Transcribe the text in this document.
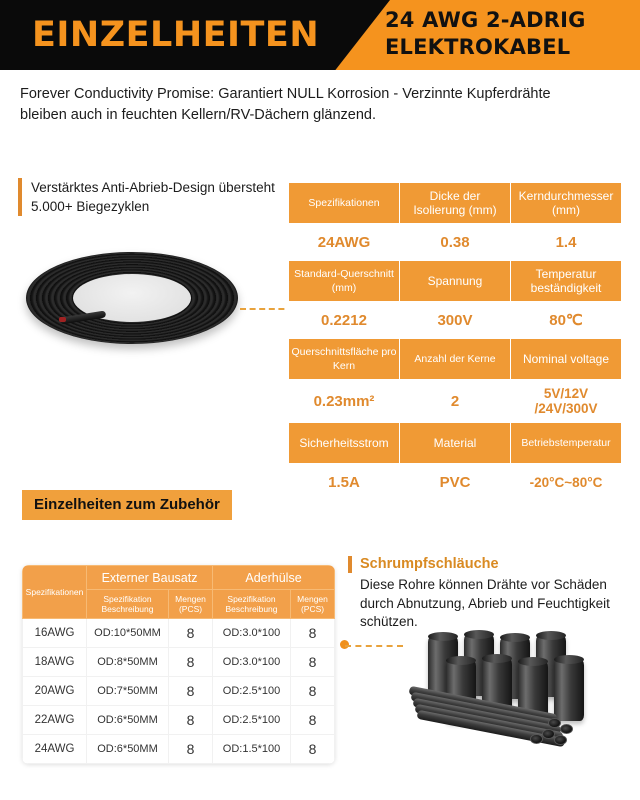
EINZELHEITEN	24 AWG 2-ADRIG
ELEKTROKABEL
Forever Conductivity Promise: Garantiert NULL Korrosion - Verzinnte Kupferdrähte bleiben auch in feuchten Kellern/RV-Dächern glänzend.
Verstärktes Anti-Abrieb-Design übersteht 5.000+ Biegezyklen	Spezifikationen	Dicke der Isolierung (mm)	Kerndurchmesser (mm)
24AWG	0.38	1.4
Standard-Querschnitt (mm)	Spannung	Temperatur beständigkeit
0.2212	300V	80℃
Querschnittsfläche pro Kern	Anzahl der Kerne	Nominal voltage
0.23mm²	2	5V/12V /24V/300V
Sicherheitsstrom	Material	Betriebstemperatur
1.5A	PVC	-20°C~80°C
Einzelheiten zum Zubehör
Spezifikationen	Externer Bausatz		Aderhülse	
	Spezifikation Beschreibung	Mengen (PCS)	Spezifikation Beschreibung	Mengen (PCS)
16AWG	OD:10*50MM	8	OD:3.0*100	8
18AWG	OD:8*50MM	8	OD:3.0*100	8
20AWG	OD:7*50MM	8	OD:2.5*100	8
22AWG	OD:6*50MM	8	OD:2.5*100	8
24AWG	OD:6*50MM	8	OD:1.5*100	8
Schrumpfschläuche
Diese Rohre können Drähte vor Schäden durch Abnutzung, Abrieb und Feuchtigkeit schützen.
